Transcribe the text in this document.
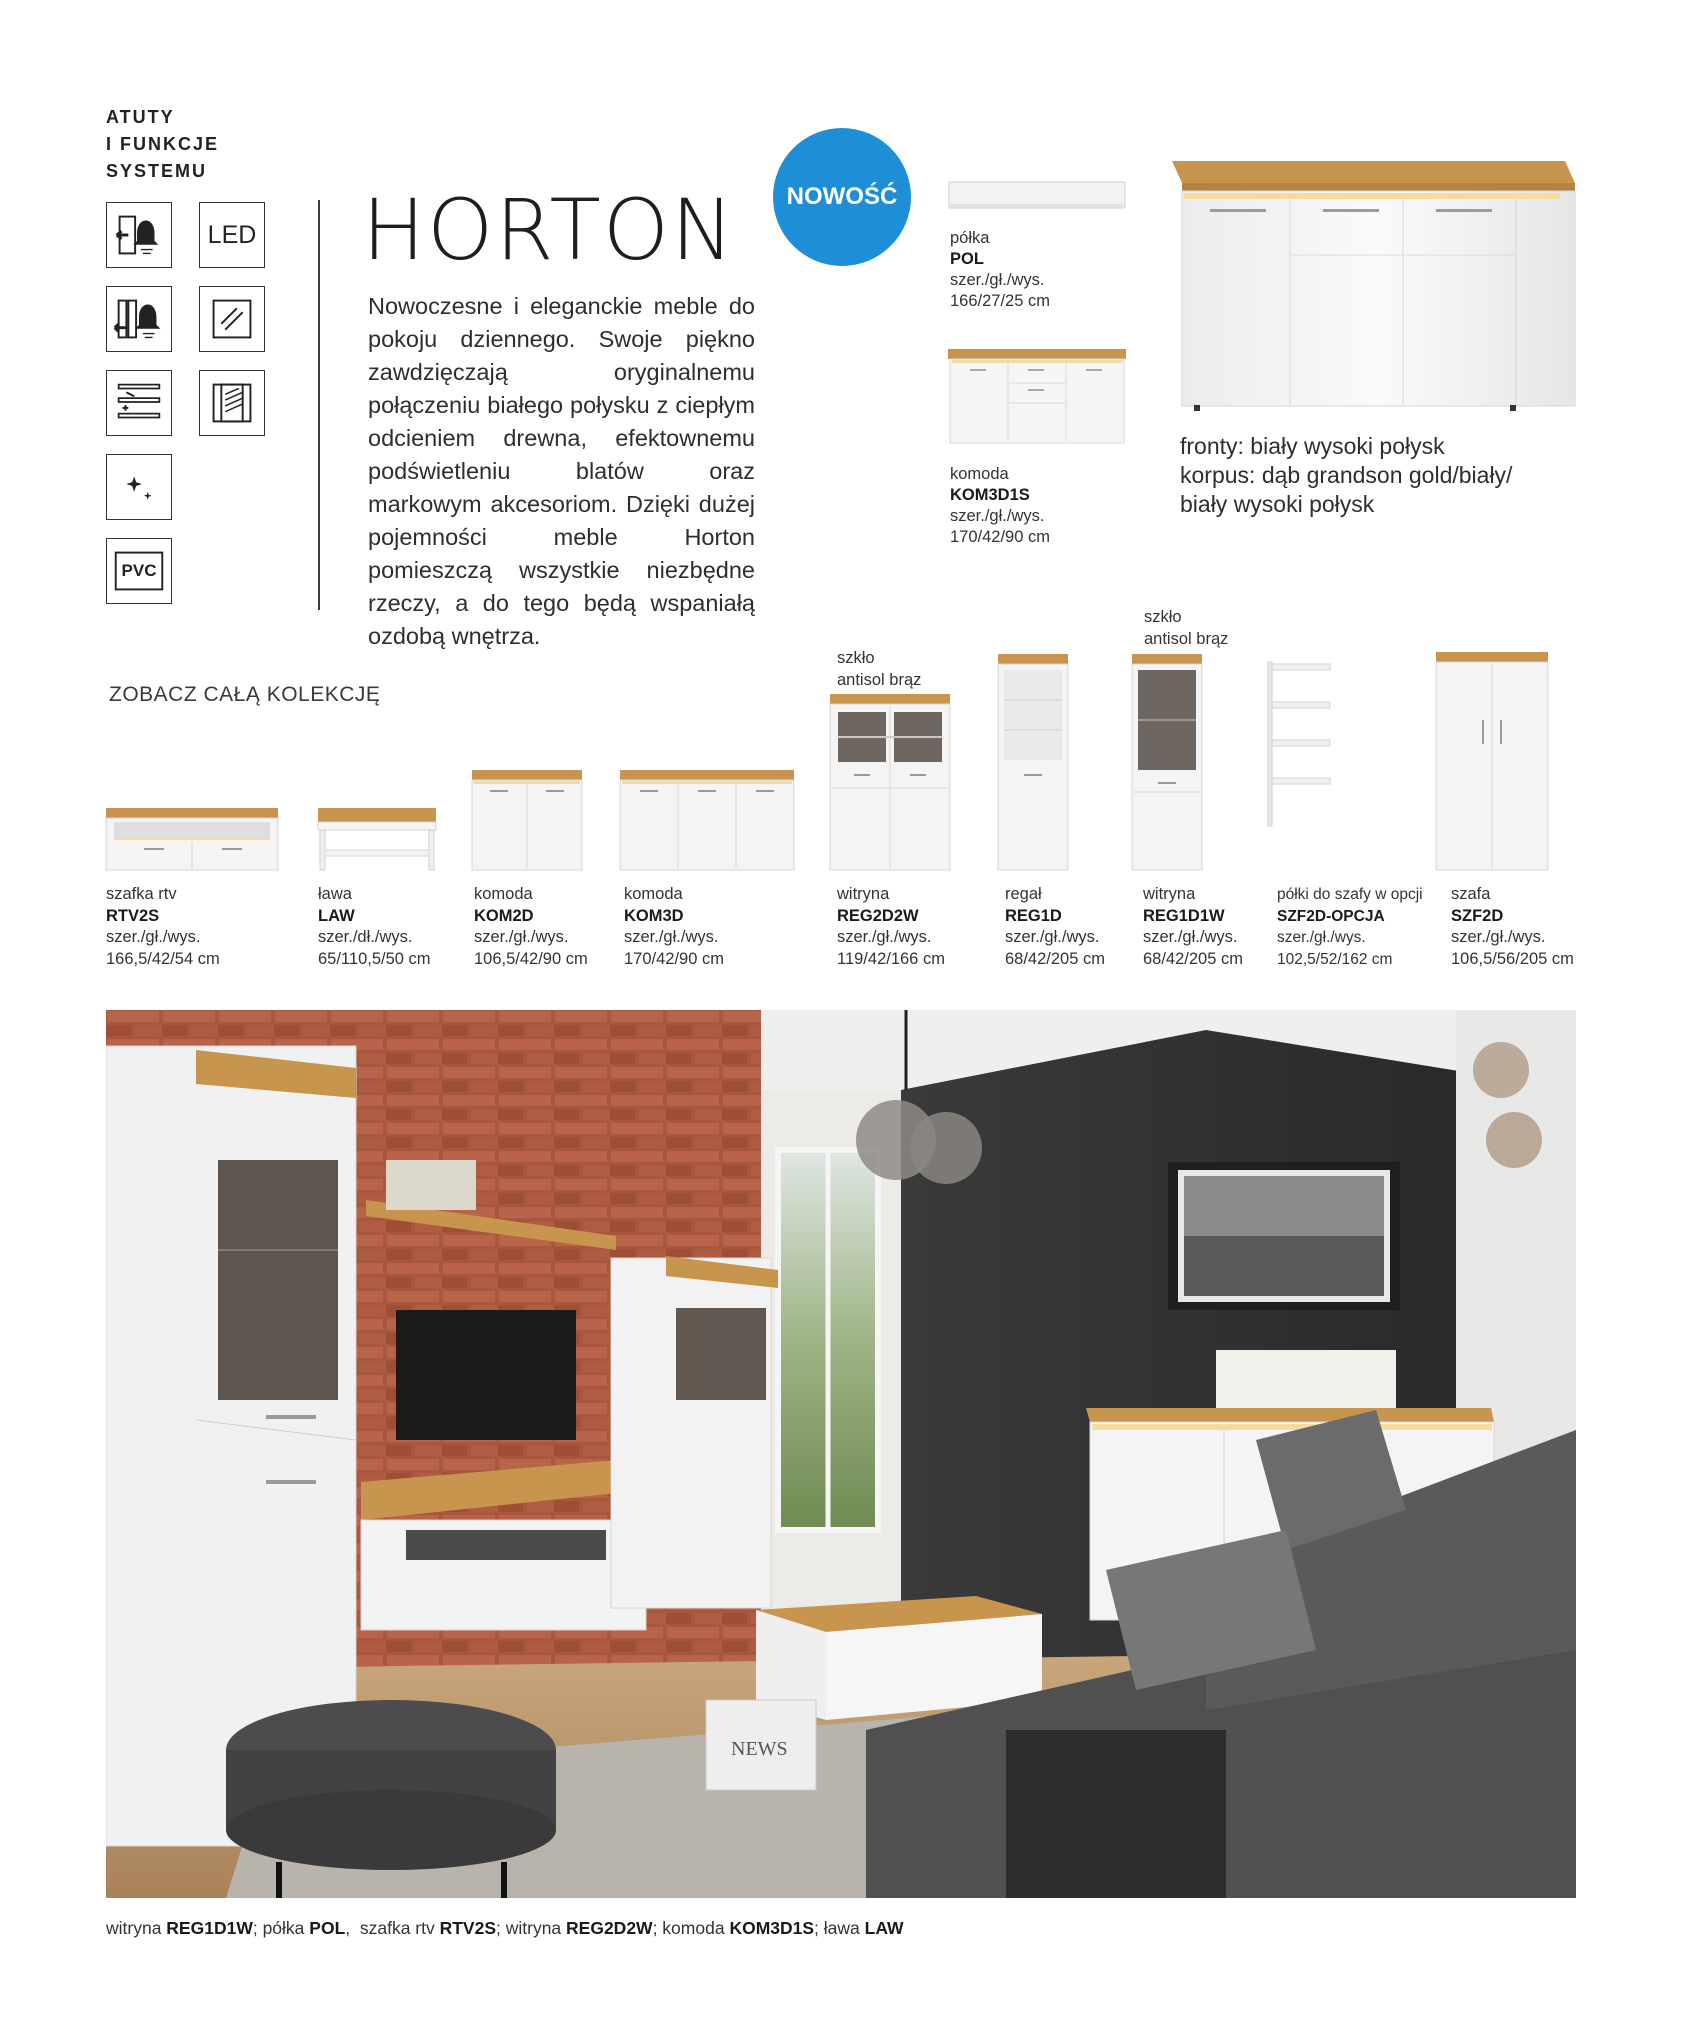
ATUTY
I FUNKCJE
SYSTEMU
LED
PVC
HORTON
Nowoczesne i eleganckie meble do pokoju dziennego. Swoje piękno zawdzięczają oryginalnemu połączeniu białego połysku z ciepłym odcieniem drewna, efektownemu podświetleniu blatów oraz markowym akcesoriom. Dzięki dużej pojemności meble Horton pomieszczą wszystkie niezbędne rzeczy, a do tego będą wspaniałą ozdobą wnętrza.
NOWOŚĆ
półka
POL
szer./gł./wys.
166/27/25 cm
komoda
KOM3D1S
szer./gł./wys.
170/42/90 cm
fronty: biały wysoki połysk
korpus: dąb grandson gold/biały/
biały wysoki połysk
ZOBACZ CAŁĄ KOLEKCJĘ
szkło
antisol brąz
szkło
antisol brąz
szafka rtv
RTV2S
szer./gł./wys.
166,5/42/54 cm
ława
LAW
szer./dł./wys.
65/110,5/50 cm
komoda
KOM2D
szer./gł./wys.
106,5/42/90 cm
komoda
KOM3D
szer./gł./wys.
170/42/90 cm
witryna
REG2D2W
szer./gł./wys.
119/42/166 cm
regał
REG1D
szer./gł./wys.
68/42/205 cm
witryna
REG1D1W
szer./gł./wys.
68/42/205 cm
półki do szafy w opcji
SZF2D-OPCJA
szer./gł./wys.
102,5/52/162 cm
szafa
SZF2D
szer./gł./wys.
106,5/56/205 cm
NEWS
witryna REG1D1W; półka POL,  szafka rtv RTV2S; witryna REG2D2W; komoda KOM3D1S; ława LAW
